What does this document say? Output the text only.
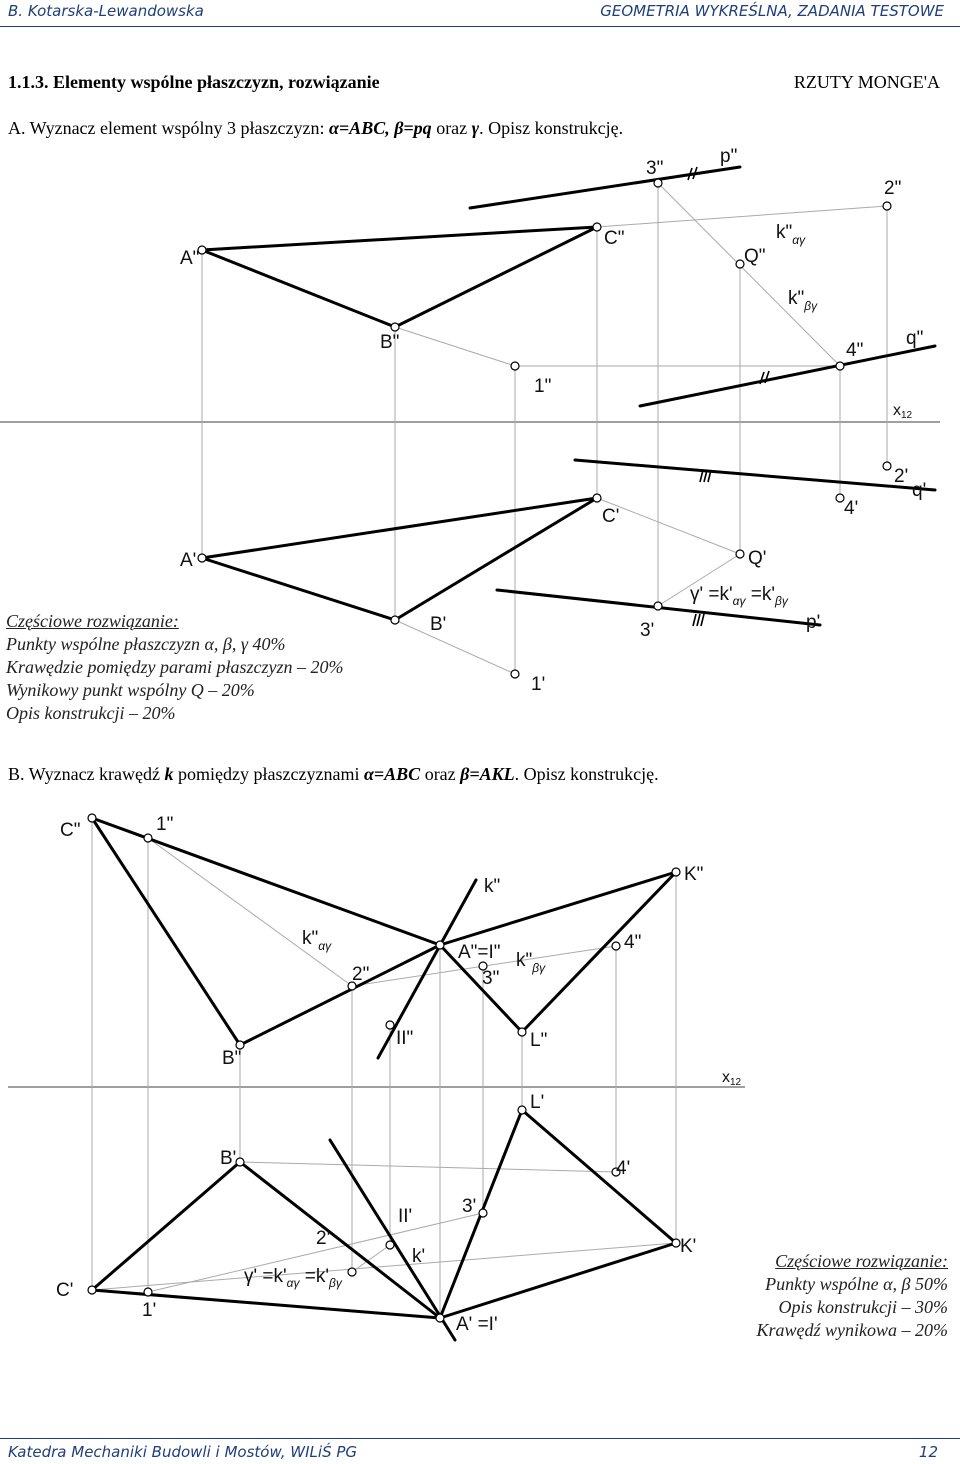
B. Kotarska-Lewandowska	GEOMETRIA WYKREŚLNA, ZADANIA TESTOWE
1.1.3. Elementy wspólne płaszczyzn, rozwiązanie	RZUTY MONGE'A
A. Wyznacz element wspólny 3 płaszczyzn: α=ABC, β=pq oraz γ. Opisz konstrukcję.
A"
B"
C"
p"
q"
1"
2"
3"
4"
Q"
$k"_{\alpha\gamma}$
$k"_{\beta\gamma}$
x12
A'
B'
C'
p'
q'
1'
2'
3'
4'
Q'
$\gamma' =k'_{\alpha\gamma} =k'_{\beta\gamma}$
C"	1"
k"
K"
$k"_{\alpha\gamma}$
2"
A"=I"
3"
$k"_{\beta\gamma}$
4"
B"
II"	L"
x12
L'
B'	4'
3'
II'
2'
k'	K'
C'
1'
$\gamma' =k'_{\alpha\gamma} =k'_{\beta\gamma}$
A' =I'
Częściowe rozwiązanie:
Punkty wspólne płaszczyzn α, β, γ 40%
Krawędzie pomiędzy parami płaszczyzn – 20%
Wynikowy punkt wspólny Q – 20%
Opis konstrukcji – 20%
B. Wyznacz krawędź k pomiędzy płaszczyznami α=ABC oraz β=AKL. Opisz konstrukcję.
Częściowe rozwiązanie:
Punkty wspólne α, β 50%
Opis konstrukcji – 30%
Krawędź wynikowa – 20%
Katedra Mechaniki Budowli i Mostów, WILiŚ PG	12
